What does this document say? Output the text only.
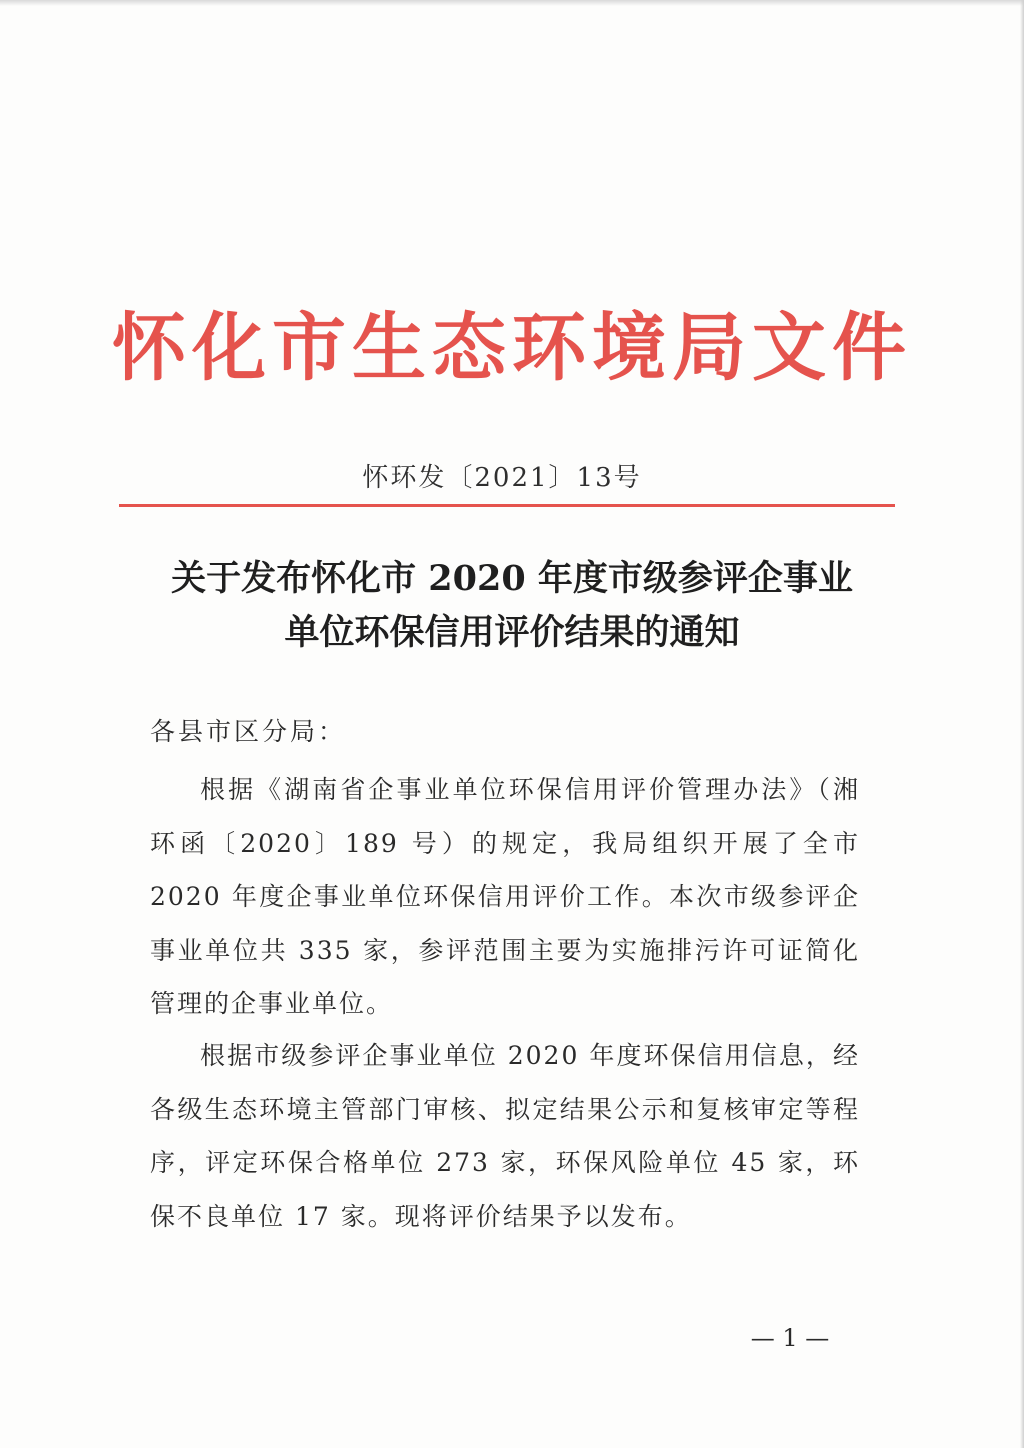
怀化市生态环境局文件
怀环发〔2021〕13号
关于发布怀化市 2020 年度市级参评企事业
单位环保信用评价结果的通知
各县市区分局：

根据《湖南省企事业单位环保信用评价管理办法》（湘环函〔2020〕189 号）的规定，我局组织开展了全市 2020 年度企事业单位环保信用评价工作。本次市级参评企事业单位共 335 家，参评范围主要为实施排污许可证简化管理的企事业单位。

根据市级参评企事业单位 2020 年度环保信用信息，经各级生态环境主管部门审核、拟定结果公示和复核审定等程序，评定环保合格单位 273 家，环保风险单位 45 家，环保不良单位 17 家。现将评价结果予以发布。

— 1 —
